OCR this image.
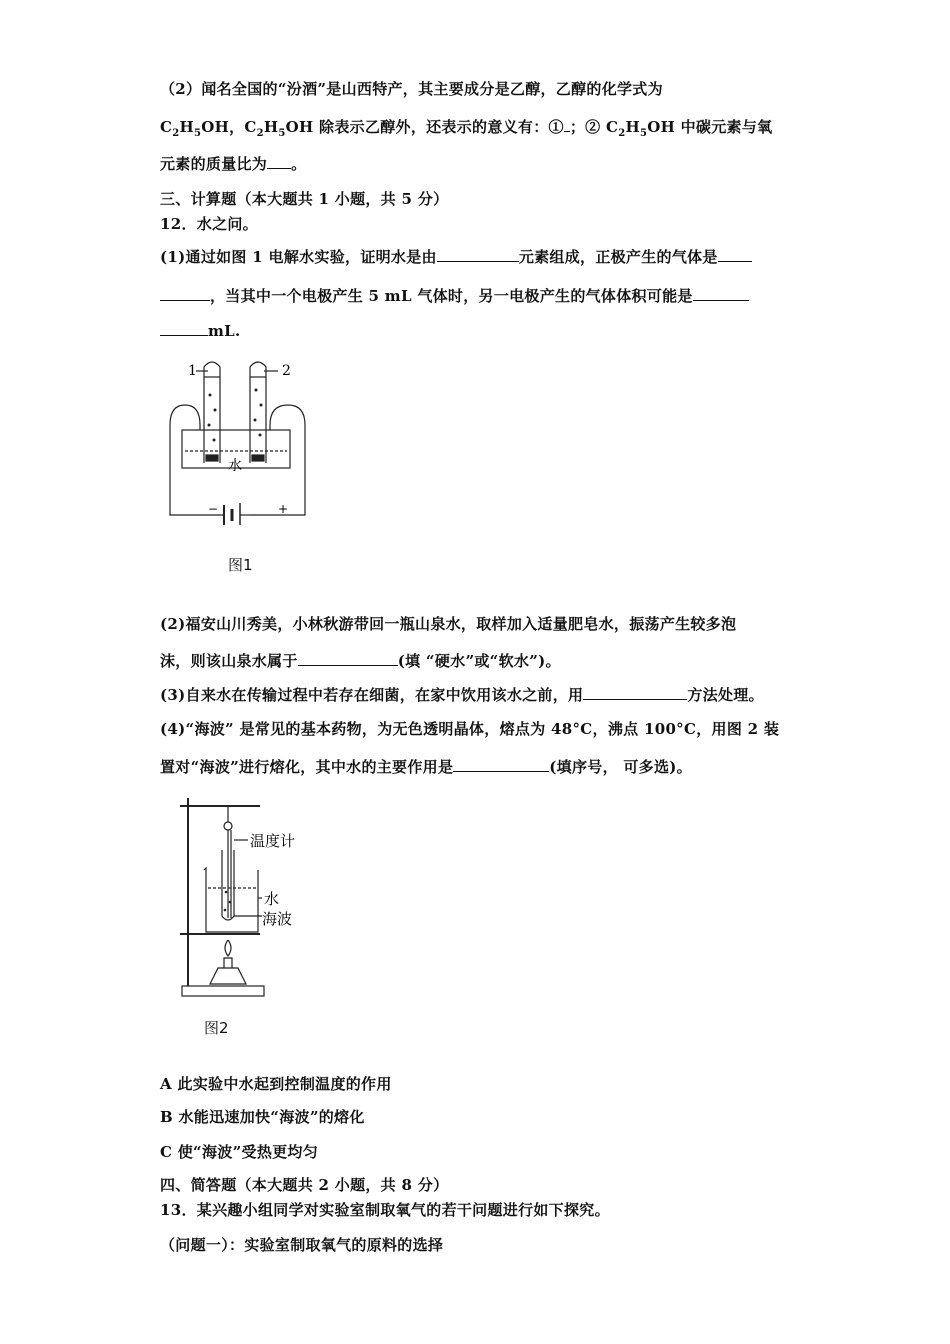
（2）闻名全国的“汾酒”是山西特产，其主要成分是乙醇，乙醇的化学式为
$C_2H_5OH$，$C_2H_5OH$ 除表示乙醇外，还表示的意义有：① ；② $C_2H_5OH$ 中碳元素与氧
元素的质量比为 。
三、计算题（本大题共 1 小题，共 5 分）
12．水之问。
(1)通过如图 1 电解水实验，证明水是由	元素组成，正极产生的气体是
，当其中一个电极产生 5 mL 气体时，另一电极产生的气体体积可能是
mL.
1	2
水
−	+
图1
(2)福安山川秀美，小林秋游带回一瓶山泉水，取样加入适量肥皂水，振荡产生较多泡
沫，则该山泉水属于	(填 “硬水”或“软水”)。
(3)自来水在传输过程中若存在细菌，在家中饮用该水之前，用	方法处理。
(4)“海波” 是常见的基本药物，为无色透明晶体，熔点为 48°C，沸点 100°C，用图 2 装
置对“海波”进行熔化，其中水的主要作用是	(填序号， 可多选)。
温度计
水
海波
图2
A 此实验中水起到控制温度的作用
B 水能迅速加快“海波”的熔化
C 使“海波”受热更均匀
四、简答题（本大题共 2 小题，共 8 分）
13．某兴趣小组同学对实验室制取氧气的若干问题进行如下探究。
（问题一）：实验室制取氧气的原料的选择
